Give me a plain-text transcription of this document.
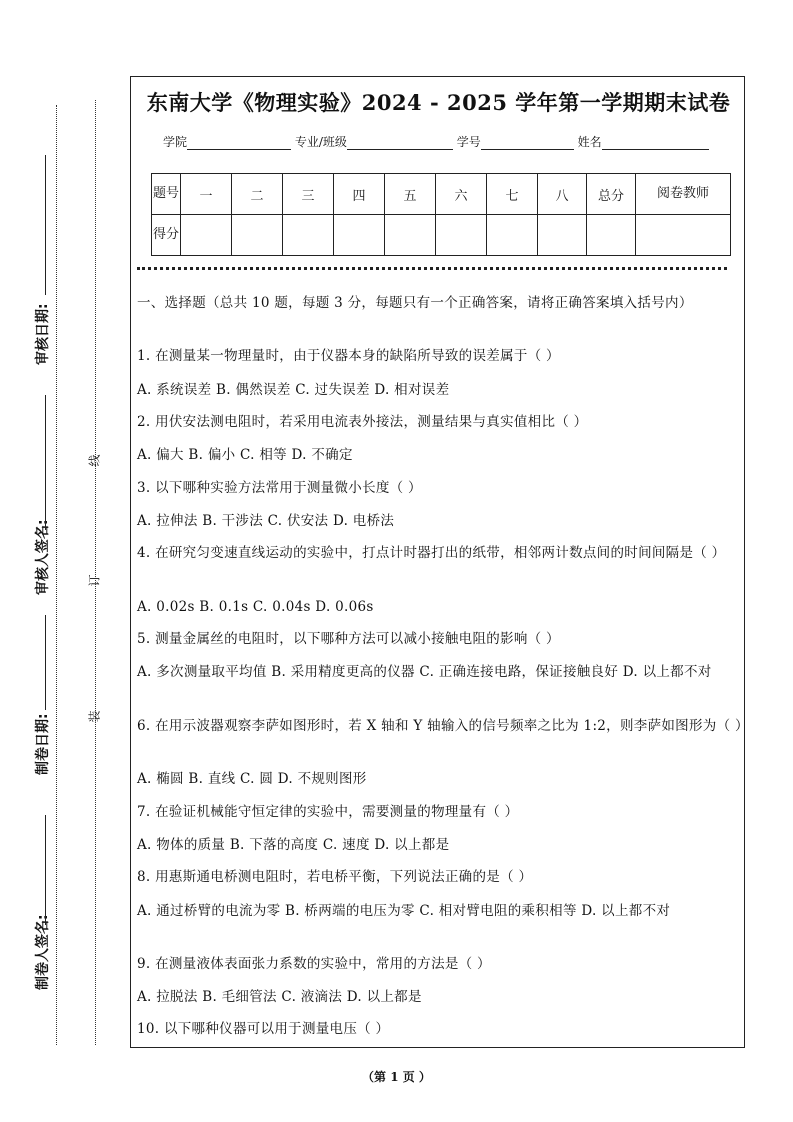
审核日期:
审核人签名:
制卷日期:
制卷人签名:
线
订
装
东南大学《物理实验》2024 - 2025 学年第一学期期末试卷
学院	专业/班级	学号	姓名
题号	一	二	三	四	五	六	七	八	总分	阅卷教师
得分										
一、选择题（总共 10 题，每题 3 分，每题只有一个正确答案，请将正确答案填入括号内）
1. 在测量某一物理量时，由于仪器本身的缺陷所导致的误差属于（ ）
A. 系统误差 B. 偶然误差 C. 过失误差 D. 相对误差
2. 用伏安法测电阻时，若采用电流表外接法，测量结果与真实值相比（ ）
A. 偏大 B. 偏小 C. 相等 D. 不确定
3. 以下哪种实验方法常用于测量微小长度（ ）
A. 拉伸法 B. 干涉法 C. 伏安法 D. 电桥法
4. 在研究匀变速直线运动的实验中，打点计时器打出的纸带，相邻两计数点间的时间间隔是（ ）
A. 0.02s B. 0.1s C. 0.04s D. 0.06s
5. 测量金属丝的电阻时，以下哪种方法可以减小接触电阻的影响（ ）
A. 多次测量取平均值 B. 采用精度更高的仪器 C. 正确连接电路，保证接触良好 D. 以上都不对
6. 在用示波器观察李萨如图形时，若 X 轴和 Y 轴输入的信号频率之比为 1:2，则李萨如图形为（ ）
A. 椭圆 B. 直线 C. 圆 D. 不规则图形
7. 在验证机械能守恒定律的实验中，需要测量的物理量有（ ）
A. 物体的质量 B. 下落的高度 C. 速度 D. 以上都是
8. 用惠斯通电桥测电阻时，若电桥平衡，下列说法正确的是（ ）
A. 通过桥臂的电流为零 B. 桥两端的电压为零 C. 相对臂电阻的乘积相等 D. 以上都不对
9. 在测量液体表面张力系数的实验中，常用的方法是（ ）
A. 拉脱法 B. 毛细管法 C. 液滴法 D. 以上都是
10. 以下哪种仪器可以用于测量电压（ ）
（第 1 页 ）
